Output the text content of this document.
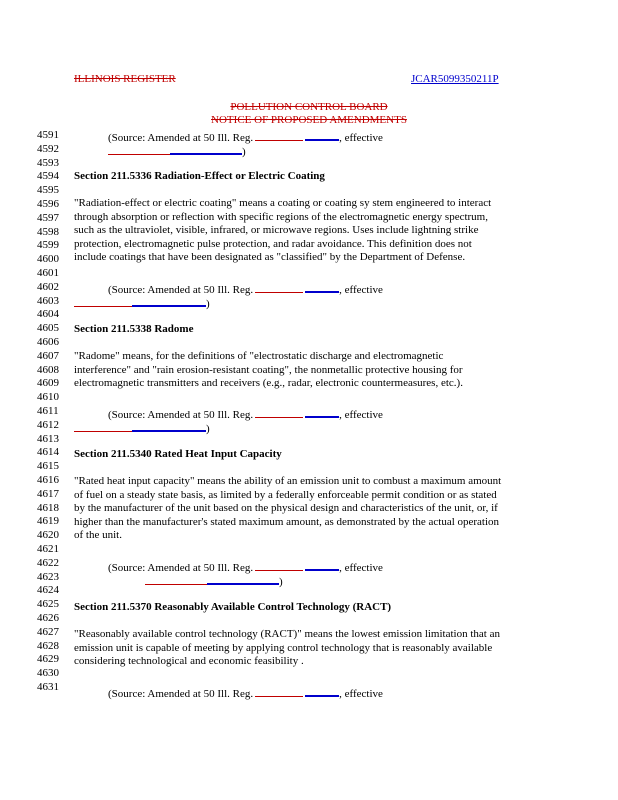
ILLINOIS REGISTER	JCAR5099350211P
POLLUTION CONTROL BOARD
NOTICE OF PROPOSED AMENDMENTS
4591
4592
4593
4594
4595
4596
4597
4598
4599
4600
4601
4602
4603
4604
4605
4606
4607
4608
4609
4610
4611
4612
4613
4614
4615
4616
4617
4618
4619
4620
4621
4622
4623
4624
4625
4626
4627
4628
4629
4630
4631
(Source: Amended at 50 Ill. Reg.	, effective
)
Section 211.5336 Radiation-Effect or Electric Coating
"Radiation-effect or electric coating" means a coating or coating sy stem engineered to interact
through absorption or reflection with specific regions of the electromagnetic energy spectrum,
such as the ultraviolet, visible, infrared, or microwave regions. Uses include lightning strike
protection, electromagnetic pulse protection, and radar avoidance. This definition does not
include coatings that have been designated as "classified" by the Department of Defense.
(Source: Amended at 50 Ill. Reg.	, effective
)
Section 211.5338 Radome
"Radome" means, for the definitions of "electrostatic discharge and electromagnetic
interference" and "rain erosion-resistant coating", the nonmetallic protective housing for
electromagnetic transmitters and receivers (e.g., radar, electronic countermeasures, etc.).
(Source: Amended at 50 Ill. Reg.	, effective
)
Section 211.5340 Rated Heat Input Capacity
"Rated heat input capacity" means the ability of an emission unit to combust a maximum amount
of fuel on a steady state basis, as limited by a federally enforceable permit condition or as stated
by the manufacturer of the unit based on the physical design and characteristics of the unit, or, if
higher than the manufacturer's stated maximum amount, as demonstrated by the actual operation
of the unit.
(Source: Amended at 50 Ill. Reg.	, effective
)
Section 211.5370 Reasonably Available Control Technology (RACT)
"Reasonably available control technology (RACT)" means the lowest emission limitation that an
emission unit is capable of meeting by applying control technology that is reasonably available
considering technological and economic feasibility .
(Source: Amended at 50 Ill. Reg.	, effective
